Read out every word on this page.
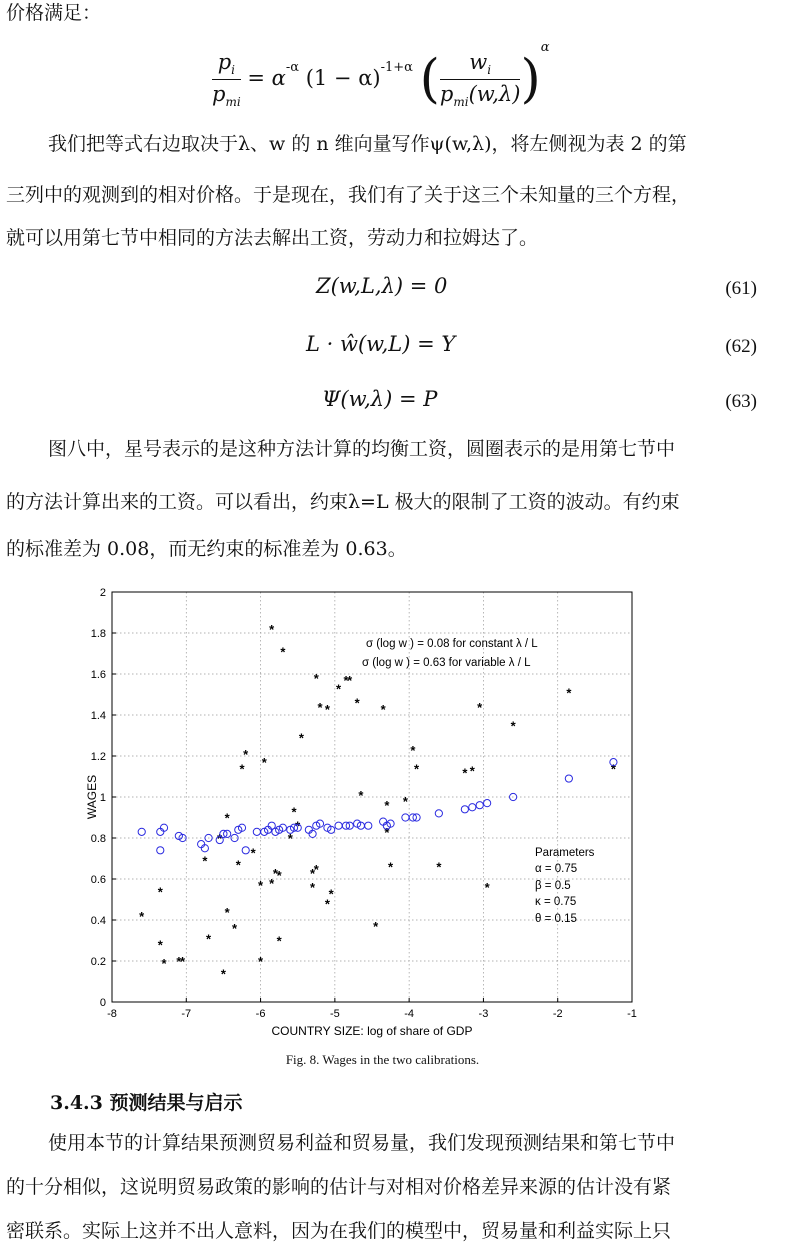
价格满足：
$\frac{p_i}{p_{mi}} = \alpha^{-\alpha}$ $(1 - \alpha)^{-1+\alpha}$ ( $\frac{w_i}{p_{mi}(w,\lambda)} )^\alpha$
我们把等式右边取决于λ、w 的 n 维向量写作ψ(w,λ)，将左侧视为表 2 的第
三列中的观测到的相对价格。于是现在，我们有了关于这三个未知量的三个方程，
就可以用第七节中相同的方法去解出工资，劳动力和拉姆达了。
Z(w,L,λ) = 0	(61)
L · ŵ(w,L) = Y	(62)
Ψ(w,λ) = P	(63)
图八中，星号表示的是这种方法计算的均衡工资，圆圈表示的是用第七节中
的方法计算出来的工资。可以看出，约束λ=L 极大的限制了工资的波动。有约束
的标准差为 0.08，而无约束的标准差为 0.63。
-8	-7	-6	-5	-4	-3	-2	-1
0
0.2
0.4
0.6
0.8
1
1.2
1.4
1.6
1.8
2
*
*
*
* *
*
*
*
*
*
*
*
*
*
*
*
*
*
*
*
*
*
*
*
*
*
*
*
*
*
*
*
*
*
* *
*
*
*
*
*
*
*
*
*
*
*
*
*
*
*
*
* *
*
*
*
*
*
σ (log w ) = 0.08 for constant λ / L
σ (log w ) = 0.63 for variable λ / L
Parameters
α = 0.75
β = 0.5
κ = 0.75
θ = 0.15
COUNTRY SIZE: log of share of GDP
WAGES
Fig. 8. Wages in the two calibrations.
3.4.3 预测结果与启示
使用本节的计算结果预测贸易利益和贸易量，我们发现预测结果和第七节中
的十分相似，这说明贸易政策的影响的估计与对相对价格差异来源的估计没有紧
密联系。实际上这并不出人意料，因为在我们的模型中，贸易量和利益实际上只
